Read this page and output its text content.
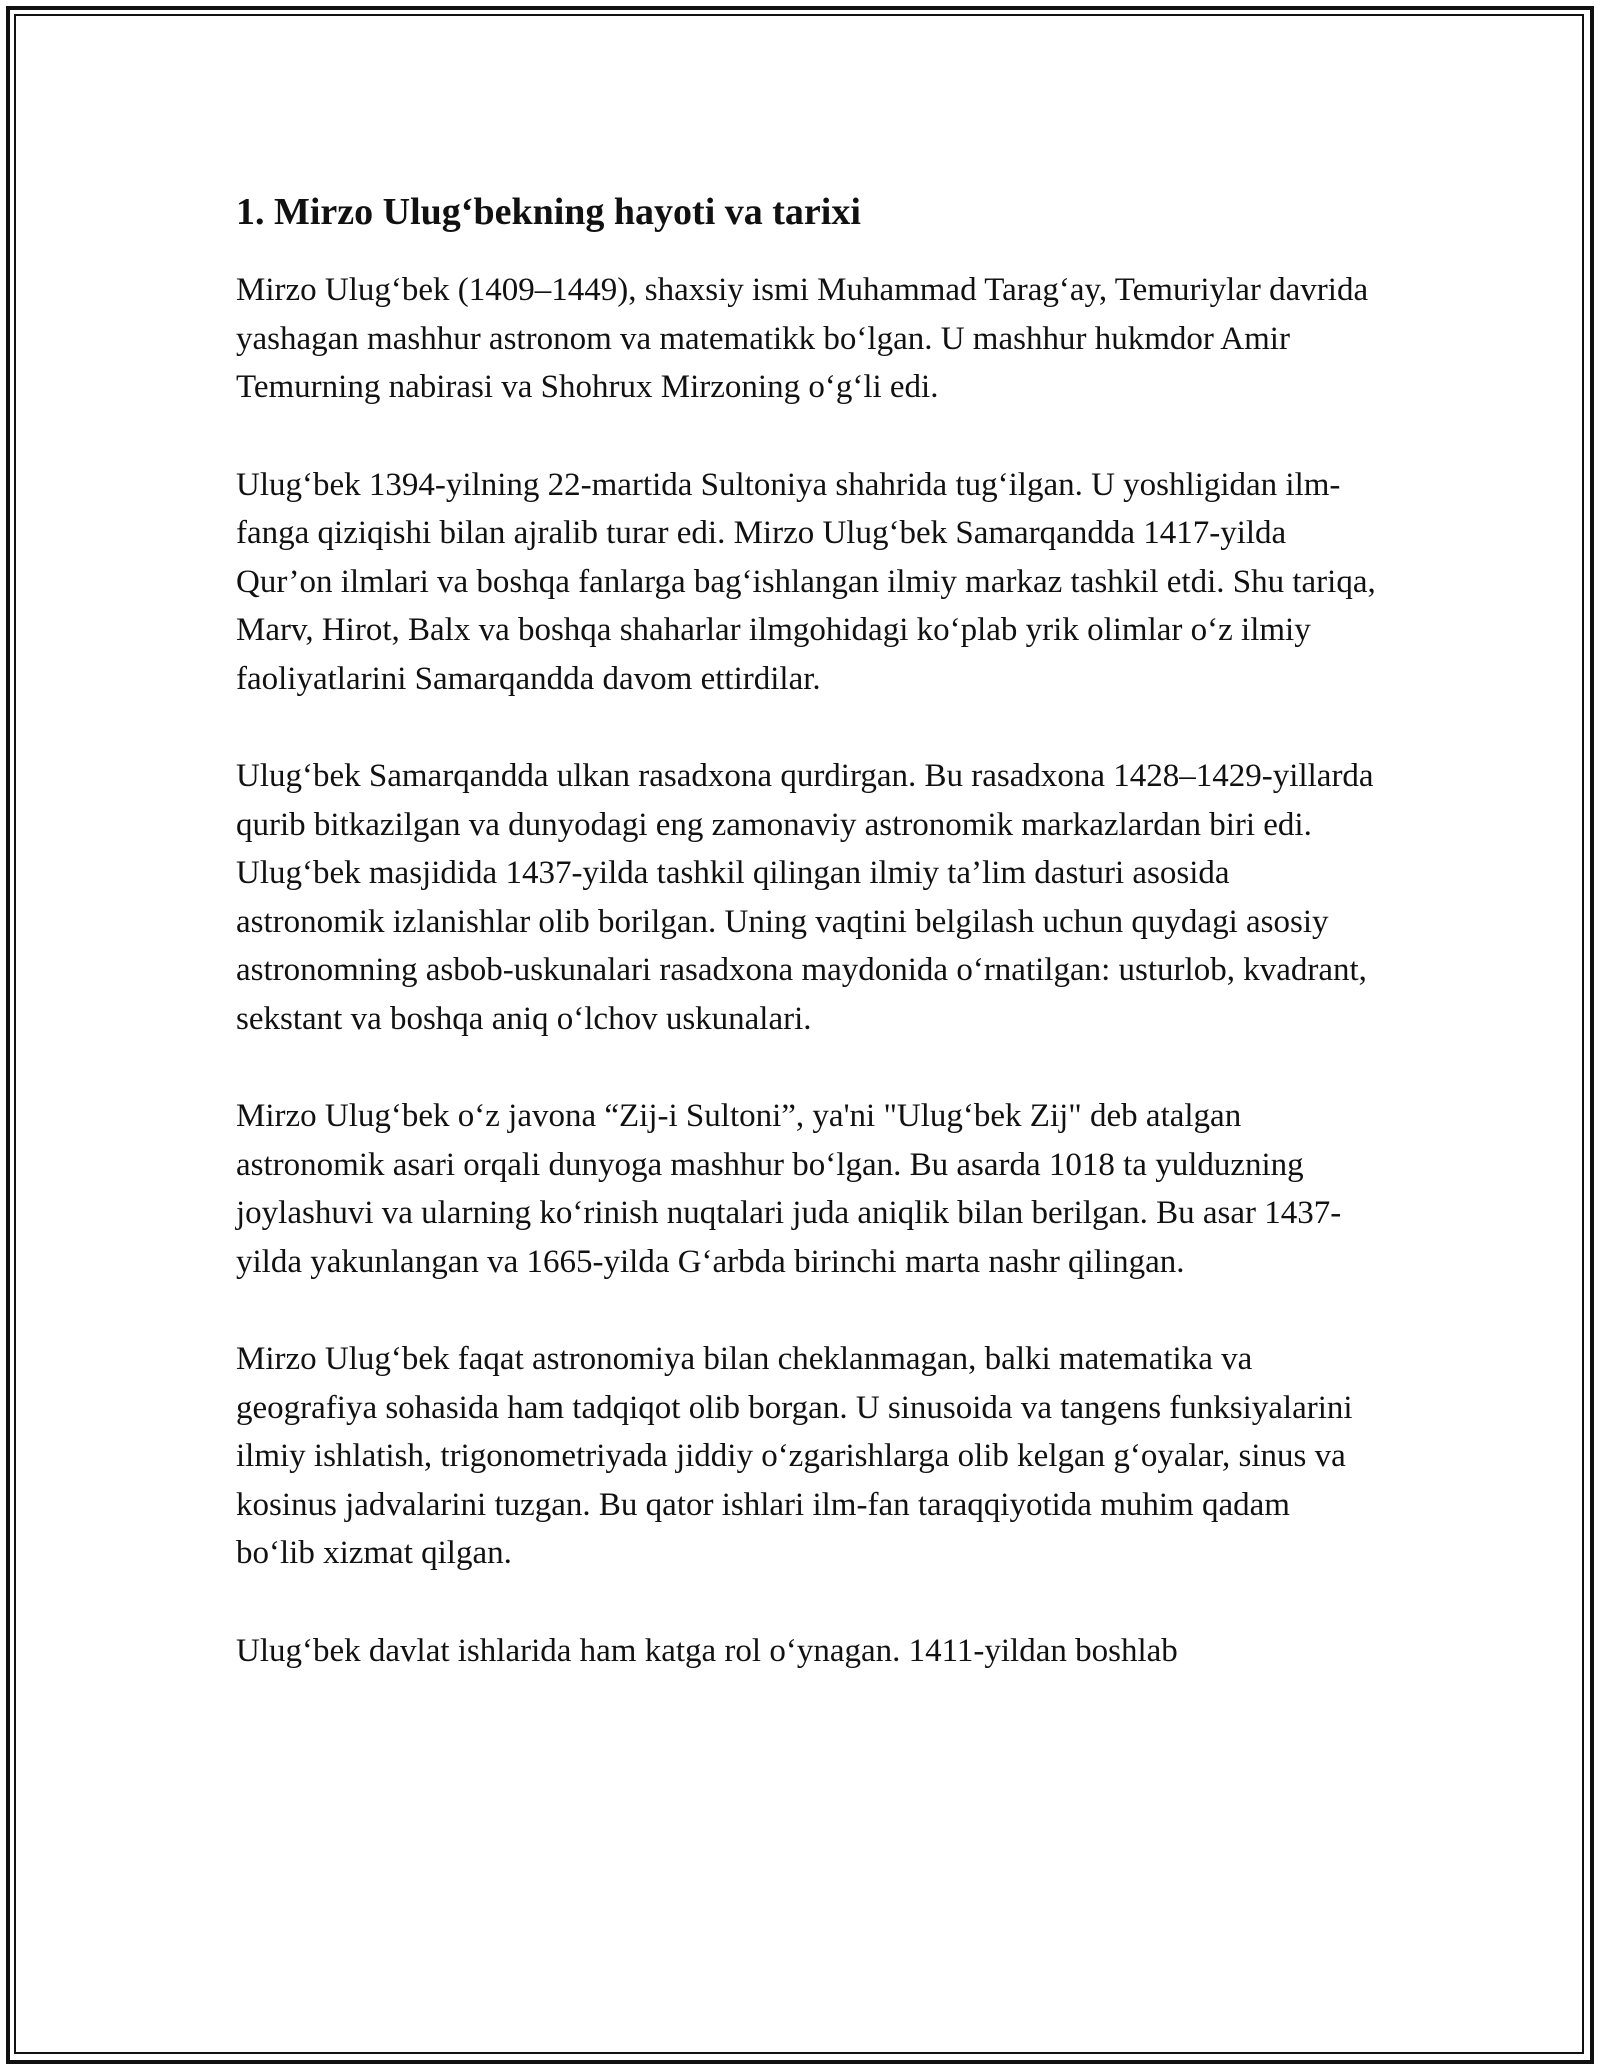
1. Mirzo Ulug‘bekning hayoti va tarixi

Mirzo Ulug‘bek (1409–1449), shaxsiy ismi Muhammad Tarag‘ay, Temuriylar davrida yashagan mashhur astronom va matematikk bo‘lgan. U mashhur hukmdor Amir Temurning nabirasi va Shohrux Mirzoning o‘g‘li edi.

Ulug‘bek 1394-yilning 22-martida Sultoniya shahrida tug‘ilgan. U yoshligidan ilm-fanga qiziqishi bilan ajralib turar edi. Mirzo Ulug‘bek Samarqandda 1417-yilda Qur’on ilmlari va boshqa fanlarga bag‘ishlangan ilmiy markaz tashkil etdi. Shu tariqa, Marv, Hirot, Balx va boshqa shaharlar ilmgohidagi ko‘plab yrik olimlar o‘z ilmiy faoliyatlarini Samarqandda davom ettirdilar.

Ulug‘bek Samarqandda ulkan rasadxona qurdirgan. Bu rasadxona 1428–1429-yillarda qurib bitkazilgan va dunyodagi eng zamonaviy astronomik markazlardan biri edi. Ulug‘bek masjidida 1437-yilda tashkil qilingan ilmiy ta’lim dasturi asosida astronomik izlanishlar olib borilgan. Uning vaqtini belgilash uchun quydagi asosiy astronomning asbob-uskunalari rasadxona maydonida o‘rnatilgan: usturlob, kvadrant, sekstant va boshqa aniq o‘lchov uskunalari.

Mirzo Ulug‘bek o‘z javona “Zij-i Sultoni”, ya'ni "Ulug‘bek Zij" deb atalgan astronomik asari orqali dunyoga mashhur bo‘lgan. Bu asarda 1018 ta yulduzning joylashuvi va ularning ko‘rinish nuqtalari juda aniqlik bilan berilgan. Bu asar 1437-yilda yakunlangan va 1665-yilda G‘arbda birinchi marta nashr qilingan.

Mirzo Ulug‘bek faqat astronomiya bilan cheklanmagan, balki matematika va geografiya sohasida ham tadqiqot olib borgan. U sinusoida va tangens funksiyalarini ilmiy ishlatish, trigonometriyada jiddiy o‘zgarishlarga olib kelgan g‘oyalar, sinus va kosinus jadvalarini tuzgan. Bu qator ishlari ilm-fan taraqqiyotida muhim qadam bo‘lib xizmat qilgan.

Ulug‘bek davlat ishlarida ham katga rol o‘ynagan. 1411-yildan boshlab
